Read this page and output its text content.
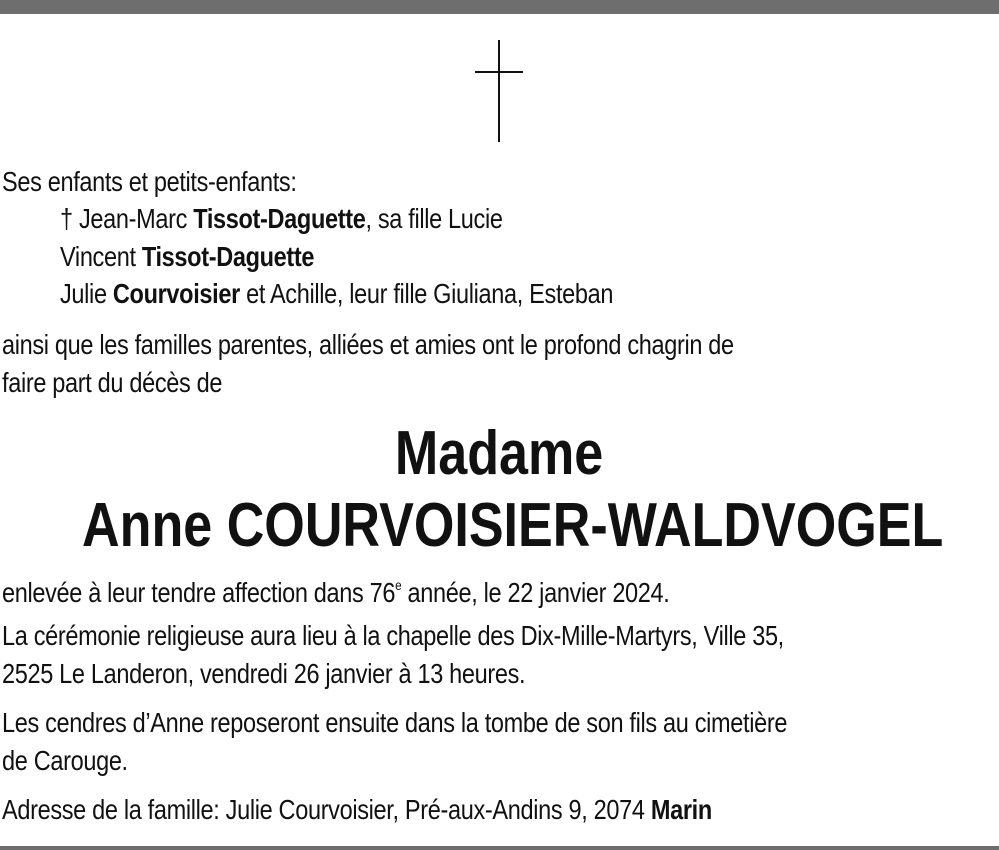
Ses enfants et petits-enfants:
† Jean-Marc Tissot-Daguette, sa fille Lucie
Vincent Tissot-Daguette
Julie Courvoisier et Achille, leur fille Giuliana, Esteban
ainsi que les familles parentes, alliées et amies ont le profond chagrin de
faire part du décès de
Madame
Anne COURVOISIER-WALDVOGEL
enlevée à leur tendre affection dans 76e année, le 22 janvier 2024.
La cérémonie religieuse aura lieu à la chapelle des Dix-Mille-Martyrs, Ville 35,
2525 Le Landeron, vendredi 26 janvier à 13 heures.
Les cendres d’Anne reposeront ensuite dans la tombe de son fils au cimetière
de Carouge.
Adresse de la famille: Julie Courvoisier, Pré-aux-Andins 9, 2074 Marin
